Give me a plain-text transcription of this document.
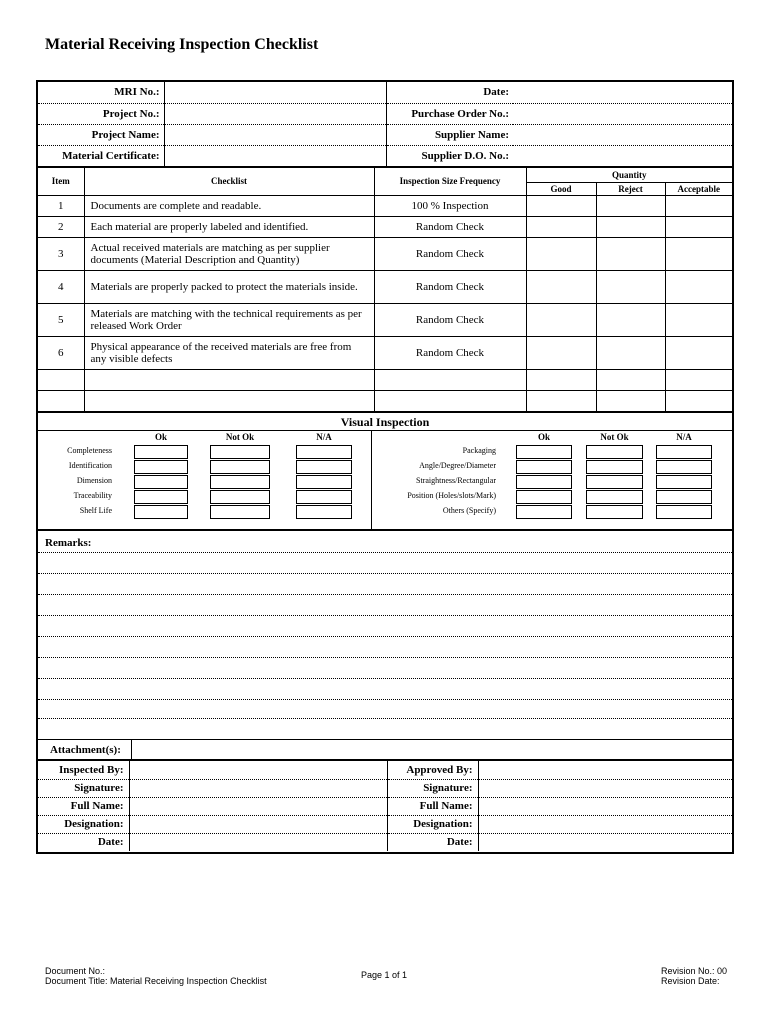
Material Receiving Inspection Checklist
MRI No.:		Date:	
Project No.:		Purchase Order No.:	
Project Name:		Supplier Name:	
Material Certificate:		Supplier D.O. No.:	
Item	Checklist	Inspection Size Frequency	Quantity		
			Good	Reject	Acceptable
1	Documents are complete and readable.	100 % Inspection			
2	Each material are properly labeled and identified.	Random Check			
3	Actual received materials are matching as per supplier documents (Material Description and Quantity)	Random Check			
4	Materials are properly packed to protect the materials inside.	Random Check			
5	Materials are matching with the technical requirements as per released Work Order	Random Check			
6	Physical appearance of the received materials are free from any visible defects	Random Check			

Visual Inspection
Ok	Not Ok	N/A
Completeness
Identification
Dimension
Traceability
Shelf Life
Ok	Not Ok	N/A
Packaging
Angle/Degree/Diameter
Straightness/Rectangular
Position (Holes/slots/Mark)
Others (Specify)
Remarks:
Attachment(s):	
Inspected By:		Approved By:	
Signature:		Signature:	
Full Name:		Full Name:	
Designation:		Designation:	
Date:		Date:	
Document No.:
Document Title: Material Receiving Inspection Checklist
Page 1 of 1	Revision No.: 00
Revision Date:
